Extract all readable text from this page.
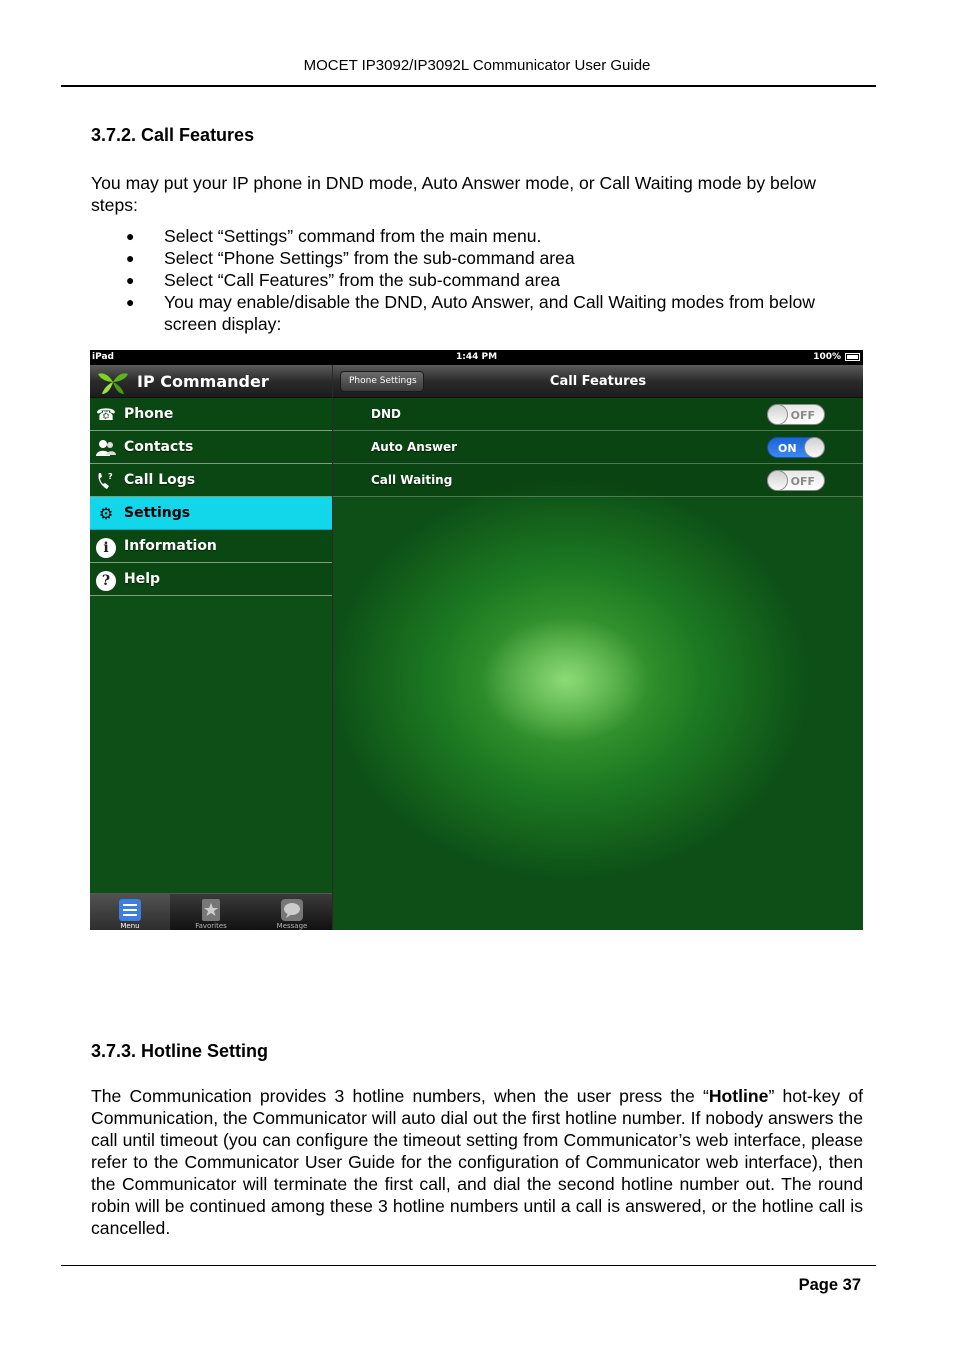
MOCET IP3092/IP3092L Communicator User Guide
3.7.2. Call Features
You may put your IP phone in DND mode, Auto Answer mode, or Call Waiting mode by below steps:
● Select “Settings” command from the main menu.
● Select “Phone Settings” from the sub-command area
● Select “Call Features” from the sub-command area
● You may enable/disable the DND, Auto Answer, and Call Waiting modes from below screen display:
iPad	1:44 PM	100%
IP Commander
☎ Phone
Contacts
? Call Logs
⚙ Settings
i	Information
? Help
Menu	Favorites	Message
Phone Settings	Call Features
DND	OFF
Auto Answer	ON
Call Waiting	OFF
3.7.3. Hotline Setting
The Communication provides 3 hotline numbers, when the user press the “Hotline” hot-key of Communication, the Communicator will auto dial out the first hotline number. If nobody answers the call until timeout (you can configure the timeout setting from Communicator’s web interface, please refer to the Communicator User Guide for the configuration of Communicator web interface), then the Communicator will terminate the first call, and dial the second hotline number out. The round robin will be continued among these 3 hotline numbers until a call is answered, or the hotline call is cancelled.
Page 37
